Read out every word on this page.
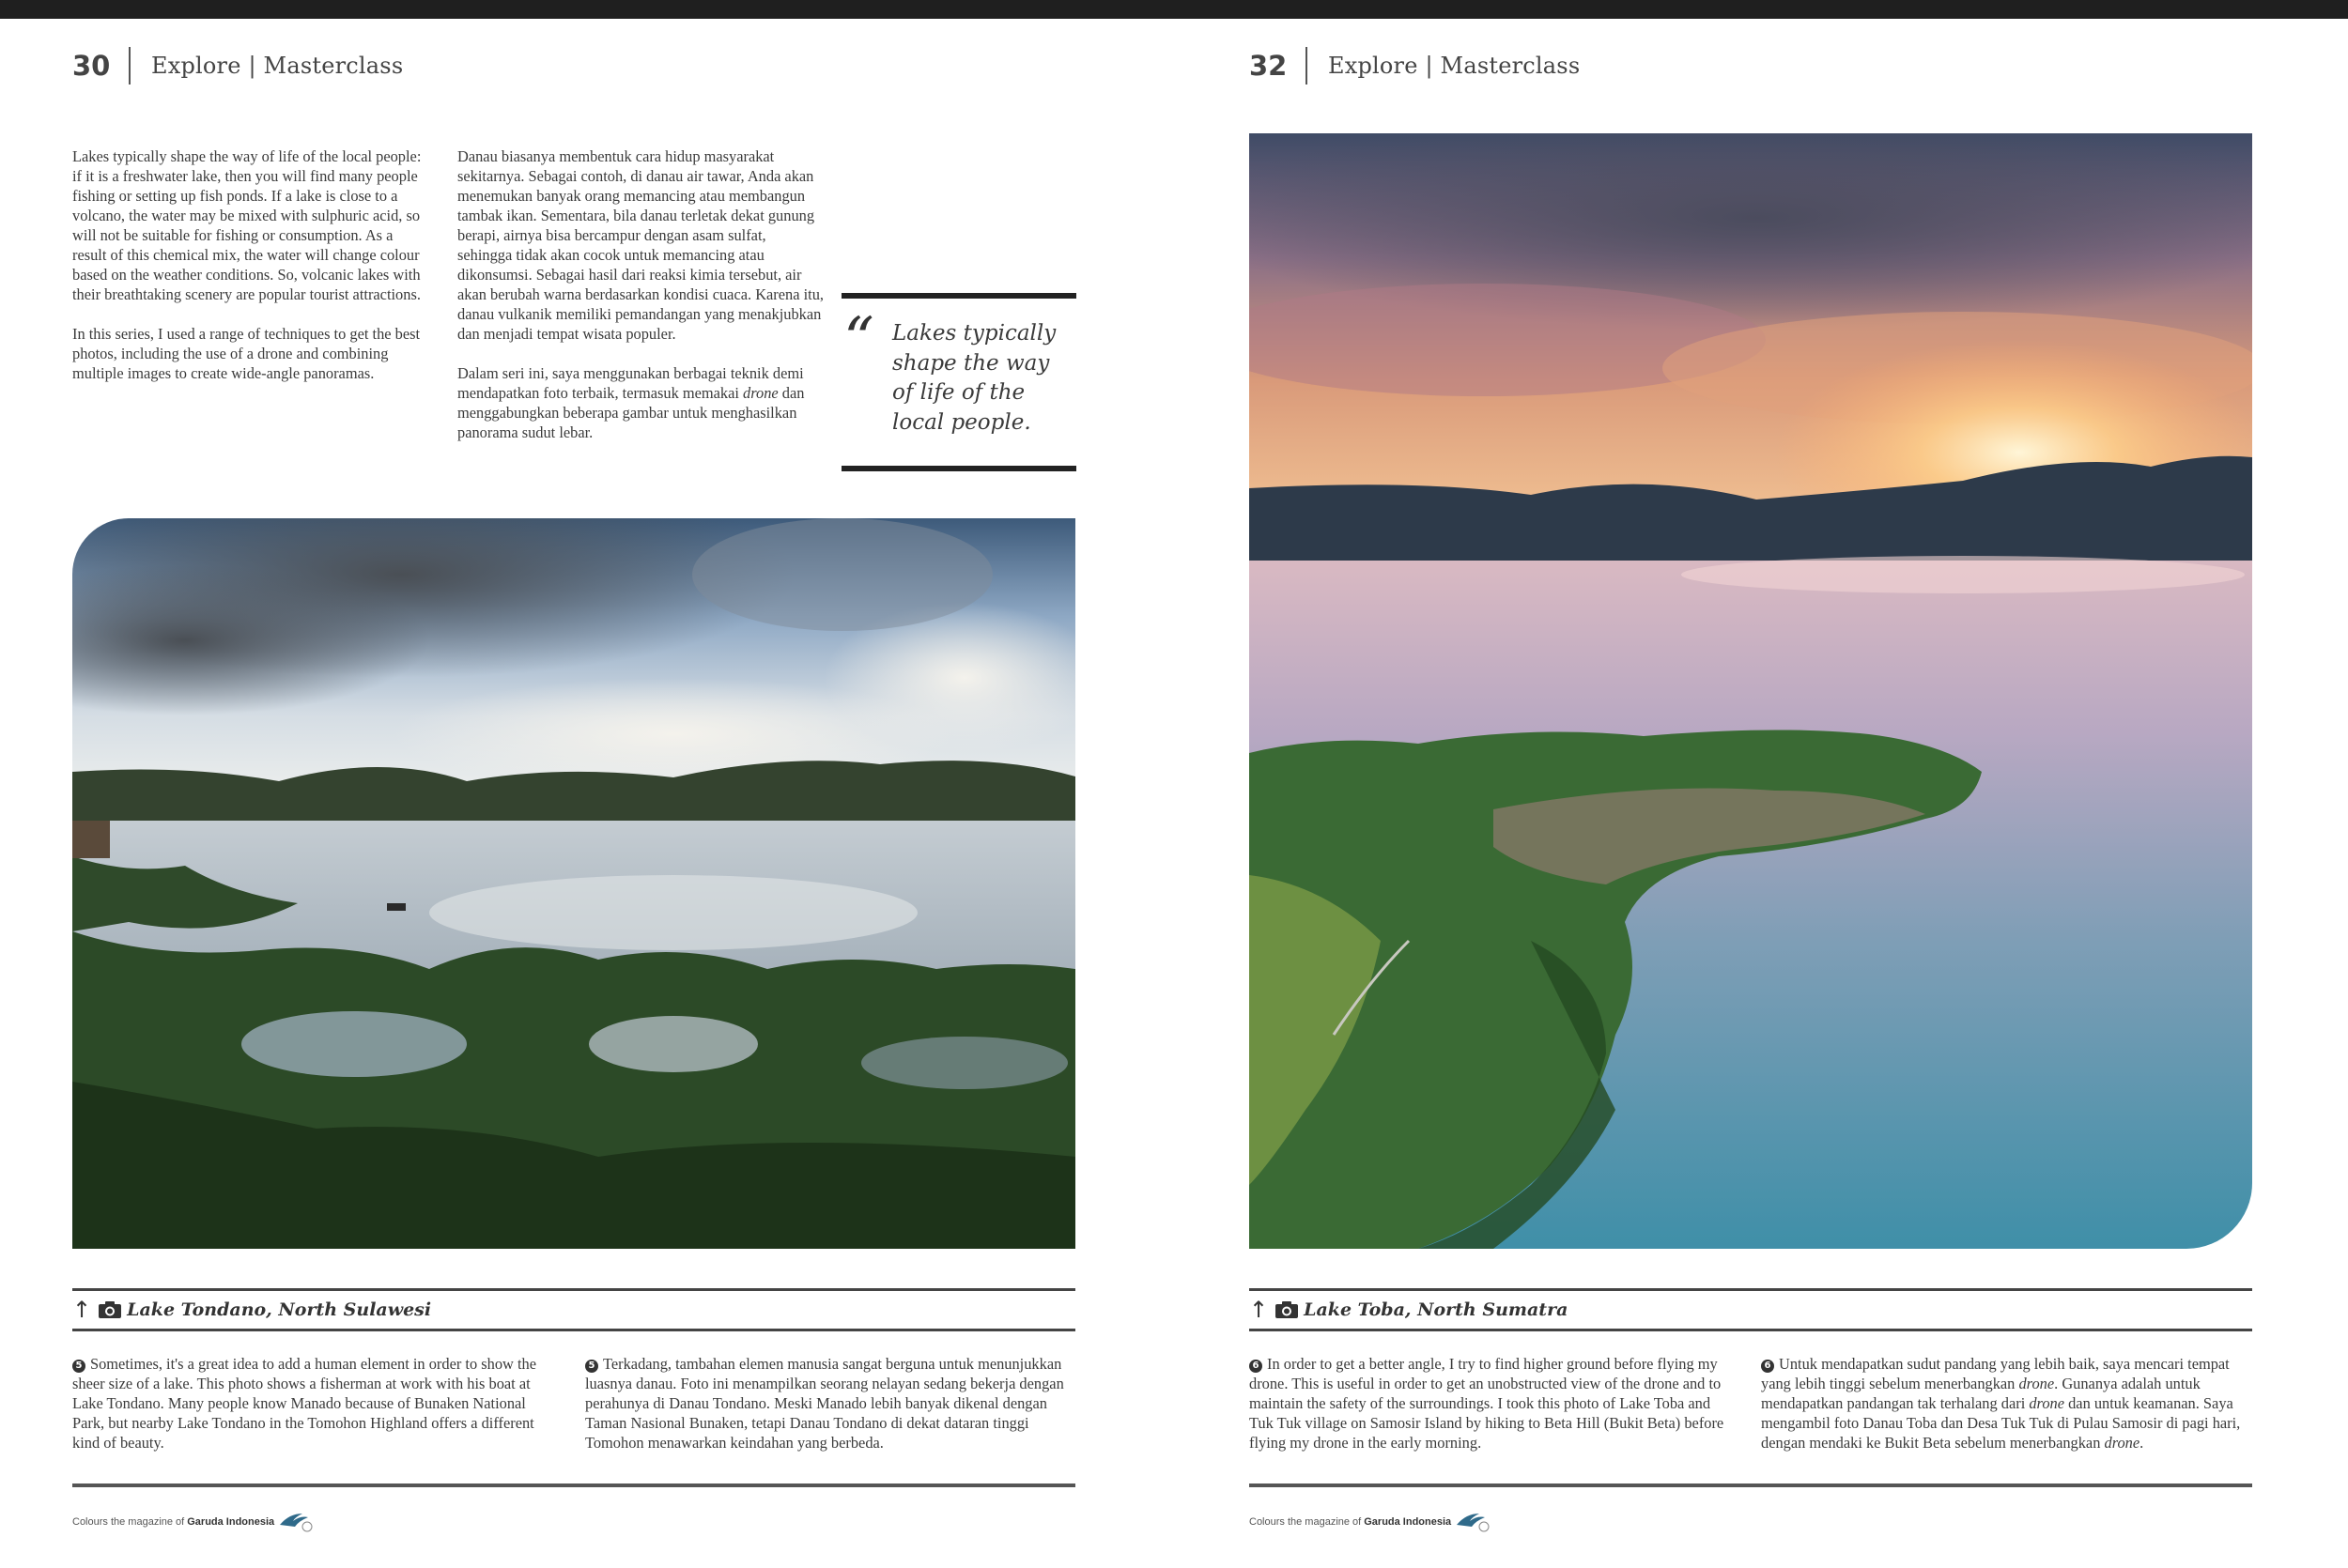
30	Explore | Masterclass

Lakes typically shape the way of life of the local people: if it is a freshwater lake, then you will find many people fishing or setting up fish ponds. If a lake is close to a volcano, the water may be mixed with sulphuric acid, so will not be suitable for fishing or consumption. As a result of this chemical mix, the water will change colour based on the weather conditions. So, volcanic lakes with their breathtaking scenery are popular tourist attractions.

In this series, I used a range of techniques to get the best photos, including the use of a drone and combining multiple images to create wide-angle panoramas.

Danau biasanya membentuk cara hidup masyarakat sekitarnya. Sebagai contoh, di danau air tawar, Anda akan menemukan banyak orang memancing atau membangun tambak ikan. Sementara, bila danau terletak dekat gunung berapi, airnya bisa bercampur dengan asam sulfat, sehingga tidak akan cocok untuk memancing atau dikonsumsi. Sebagai hasil dari reaksi kimia tersebut, air akan berubah warna berdasarkan kondisi cuaca. Karena itu, danau vulkanik memiliki pemandangan yang menakjubkan dan menjadi tempat wisata populer.

Dalam seri ini, saya menggunakan berbagai teknik demi mendapatkan foto terbaik, termasuk memakai drone dan menggabungkan beberapa gambar untuk menghasilkan panorama sudut lebar.

“ Lakes typically shape the way of life of the local people.
↑ Lake Tondano, North Sulawesi
5 Sometimes, it's a great idea to add a human element in order to show the sheer size of a lake. This photo shows a fisherman at work with his boat at Lake Tondano. Many people know Manado because of Bunaken National Park, but nearby Lake Tondano in the Tomohon Highland offers a different kind of beauty.
5 Terkadang, tambahan elemen manusia sangat berguna untuk menunjukkan luasnya danau. Foto ini menampilkan seorang nelayan sedang bekerja dengan perahunya di Danau Tondano. Meski Manado lebih banyak dikenal dengan Taman Nasional Bunaken, tetapi Danau Tondano di dekat dataran tinggi Tomohon menawarkan keindahan yang berbeda.
Colours the magazine of Garuda Indonesia
32	Explore | Masterclass
↑ Lake Toba, North Sumatra
6 In order to get a better angle, I try to find higher ground before flying my drone. This is useful in order to get an unobstructed view of the drone and to maintain the safety of the surroundings. I took this photo of Lake Toba and Tuk Tuk village on Samosir Island by hiking to Beta Hill (Bukit Beta) before flying my drone in the early morning.
6 Untuk mendapatkan sudut pandang yang lebih baik, saya mencari tempat yang lebih tinggi sebelum menerbangkan drone. Gunanya adalah untuk mendapatkan pandangan tak terhalang dari drone dan untuk keamanan. Saya mengambil foto Danau Toba dan Desa Tuk Tuk di Pulau Samosir di pagi hari, dengan mendaki ke Bukit Beta sebelum menerbangkan drone.
Colours the magazine of Garuda Indonesia
